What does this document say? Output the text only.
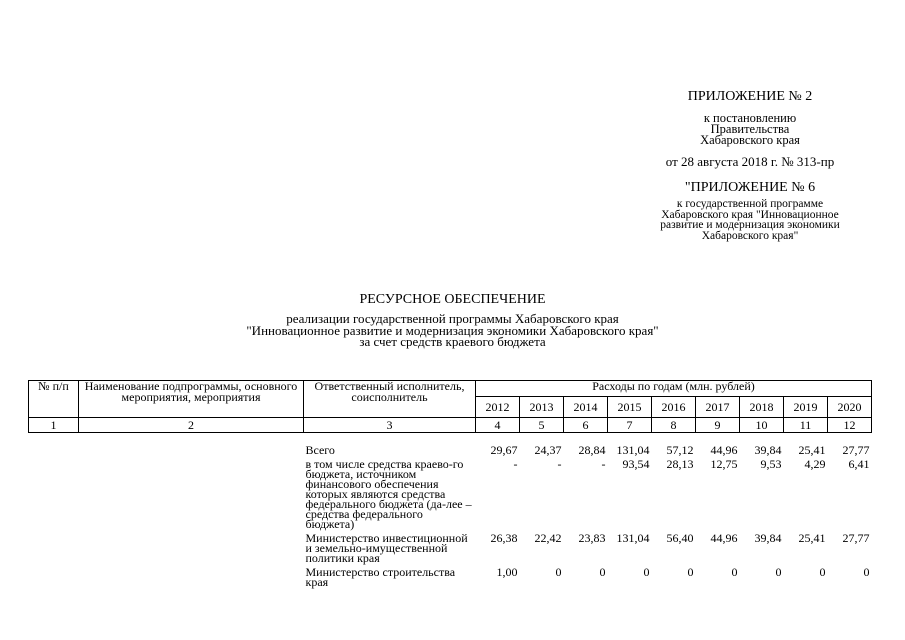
ПРИЛОЖЕНИЕ № 2
к постановлению
Правительства
Хабаровского края
от 28 августа 2018 г. № 313-пр
"ПРИЛОЖЕНИЕ № 6
к государственной программе
Хабаровского края "Инновационное
развитие и модернизация экономики
Хабаровского края"
РЕСУРСНОЕ ОБЕСПЕЧЕНИЕ
реализации государственной программы Хабаровского края
"Инновационное развитие и модернизация экономики Хабаровского края"
за счет средств краевого бюджета
№ п/п	Наименование подпрограммы, основного мероприятия, мероприятия	Ответственный исполнитель, соисполнитель	Расходы по годам (млн. рублей)								
			2012	2013	2014	2015	2016	2017	2018	2019	2020
1	2	3	4	5	6	7	8	9	10	11	12

		Всего	29,67	24,37	28,84	131,04	57,12	44,96	39,84	25,41	27,77
		в том числе средства краево-го бюджета, источником финансового обеспечения которых являются средства федерального бюджета (да-лее – средства федерального бюджета)	-	-	-	93,54	28,13	12,75	9,53	4,29	6,41
		Министерство инвестиционной и земельно-имущественной политики края	26,38	22,42	23,83	131,04	56,40	44,96	39,84	25,41	27,77
		Министерство строительства края	1,00	0	0	0	0	0	0	0	0
